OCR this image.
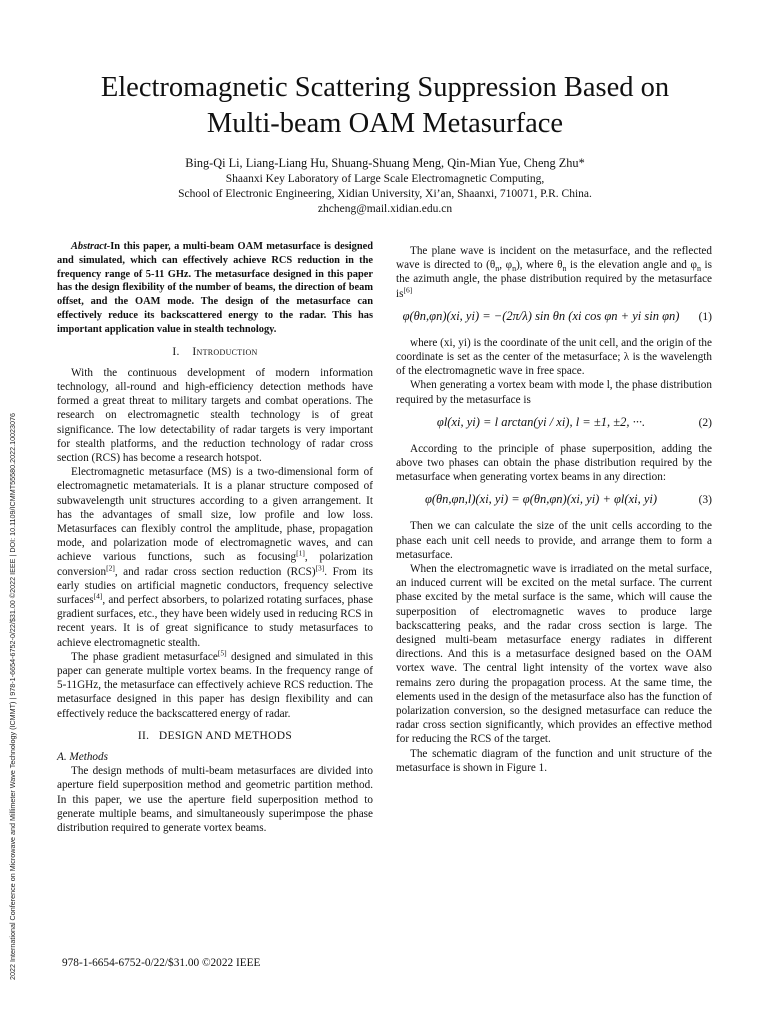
2022 International Conference on Microwave and Millimeter Wave Technology (ICMMT) | 978-1-6654-6752-0/22/$31.00 ©2022 IEEE | DOI: 10.1109/ICMMT55580.2022.10023076
Electromagnetic Scattering Suppression Based on
Multi-beam OAM Metasurface
Bing-Qi Li, Liang-Liang Hu, Shuang-Shuang Meng, Qin-Mian Yue, Cheng Zhu*
Shaanxi Key Laboratory of Large Scale Electromagnetic Computing,
School of Electronic Engineering, Xidian University, Xi’an, Shaanxi, 710071, P.R. China.
zhcheng@mail.xidian.edu.cn

Abstract-In this paper, a multi-beam OAM metasurface is designed and simulated, which can effectively achieve RCS reduction in the frequency range of 5-11 GHz. The metasurface designed in this paper has the design flexibility of the number of beams, the direction of beam offset, and the OAM mode. The design of the metasurface can effectively reduce its backscattered energy to the radar. This has important application value in stealth technology.

I. Introduction

With the continuous development of modern information technology, all-round and high-efficiency detection methods have formed a great threat to military targets and combat operations. The research on electromagnetic stealth technology is of great significance. The low detectability of radar targets is very important for stealth platforms, and the reduction technology of radar cross section (RCS) has become a research hotspot.

Electromagnetic metasurface (MS) is a two-dimensional form of electromagnetic metamaterials. It is a planar structure composed of subwavelength unit structures according to a given arrangement. It has the advantages of small size, low profile and low loss. Metasurfaces can flexibly control the amplitude, phase, propagation mode, and polarization mode of electromagnetic waves, and can achieve various functions, such as focusing[1], polarization conversion[2], and radar cross section reduction (RCS)[3]. From its early studies on artificial magnetic conductors, frequency selective surfaces[4], and perfect absorbers, to polarized rotating surfaces, phase gradient surfaces, etc., they have been widely used in reducing RCS in recent years. It is of great significance to study metasurfaces to achieve electromagnetic stealth.

The phase gradient metasurface[5] designed and simulated in this paper can generate multiple vortex beams. In the frequency range of 5-11GHz, the metasurface can effectively achieve RCS reduction. The metasurface designed in this paper has design flexibility and can effectively reduce the backscattered energy of radar.

II. DESIGN AND METHODS

A. Methods

The design methods of multi-beam metasurfaces are divided into aperture field superposition method and geometric partition method. In this paper, we use the aperture field superposition method to generate multiple beams, and simultaneously superimpose the phase distribution required to generate vortex beams.

The plane wave is incident on the metasurface, and the reflected wave is directed to ($\theta_n$, $\varphi_n$), where $\theta_n$ is the elevation angle and $\varphi_n$ is the azimuth angle, the phase distribution required by the metasurface is[6]

φ(θn,φn)(xi, yi) = −(2π/λ) sin θn (xi cos φn + yi sin φn)	(1)

where (xi, yi) is the coordinate of the unit cell, and the origin of the coordinate is set as the center of the metasurface; λ is the wavelength of the electromagnetic wave in free space.

When generating a vortex beam with mode l, the phase distribution required by the metasurface is

φl(xi, yi) = l arctan(yi / xi), l = ±1, ±2, ···.	(2)

According to the principle of phase superposition, adding the above two phases can obtain the phase distribution required by the metasurface when generating vortex beams in any direction:

φ(θn,φn,l)(xi, yi) = φ(θn,φn)(xi, yi) + φl(xi, yi)	(3)

Then we can calculate the size of the unit cells according to the phase each unit cell needs to provide, and arrange them to form a metasurface.

When the electromagnetic wave is irradiated on the metal surface, an induced current will be excited on the metal surface. The current phase excited by the metal surface is the same, which will cause the superposition of electromagnetic waves to produce large backscattering peaks, and the radar cross section is large. The designed multi-beam metasurface energy radiates in different directions. And this is a metasurface designed based on the OAM vortex wave. The central light intensity of the vortex wave also remains zero during the propagation process. At the same time, the elements used in the design of the metasurface also has the function of polarization conversion, so the designed metasurface can reduce the radar cross section significantly, which provides an effective method for reducing the RCS of the target.

The schematic diagram of the function and unit structure of the metasurface is shown in Figure 1.

978-1-6654-6752-0/22/$31.00 ©2022 IEEE
